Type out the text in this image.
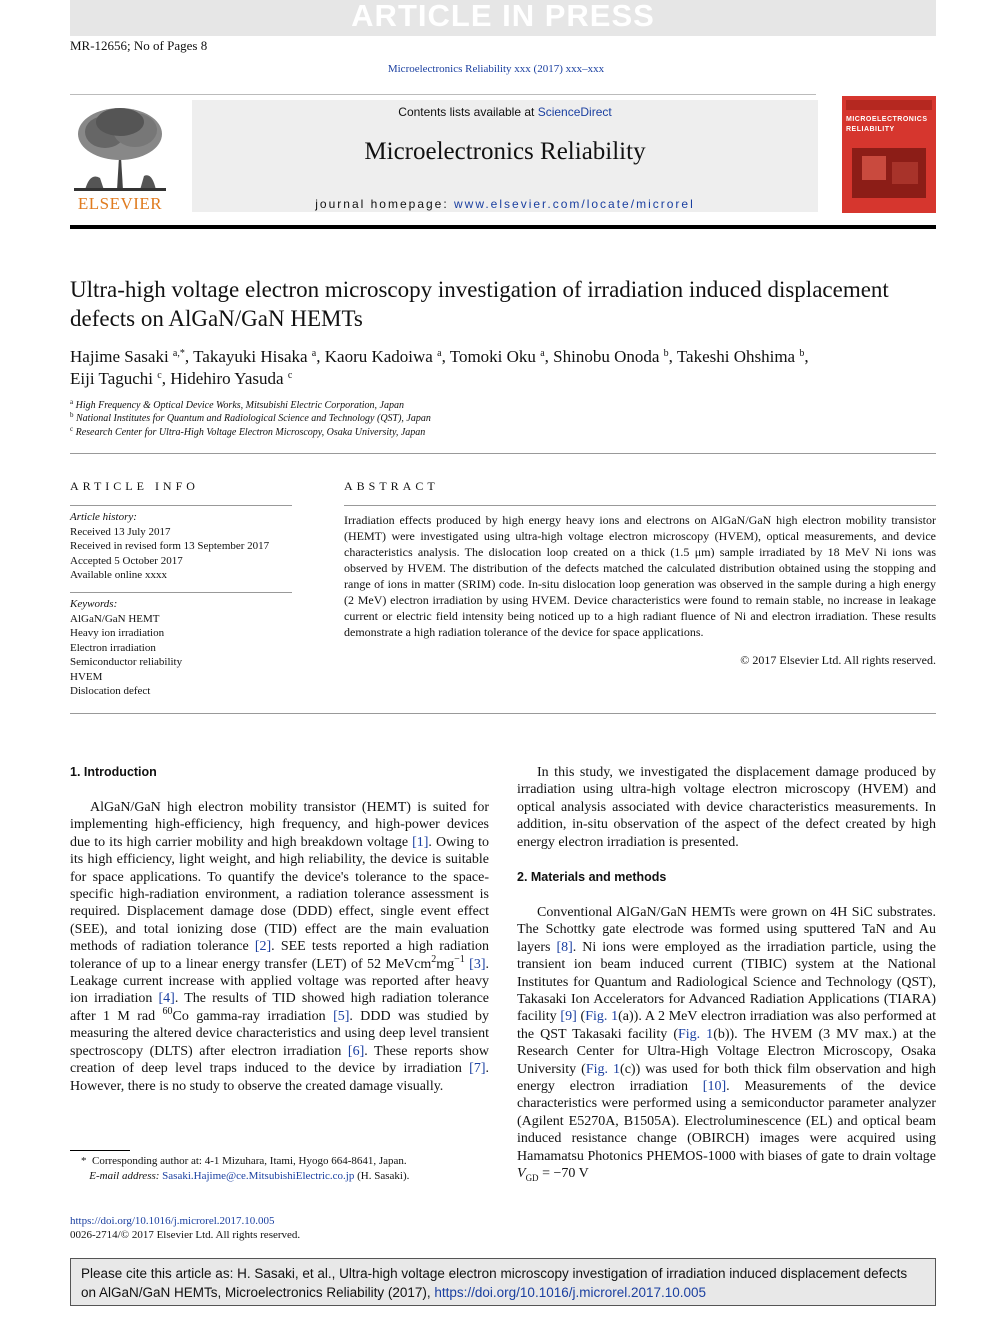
ARTICLE IN PRESS
MR-12656; No of Pages 8
Microelectronics Reliability xxx (2017) xxx–xxx
ELSEVIER
Contents lists available at ScienceDirect
Microelectronics Reliability
journal homepage: www.elsevier.com/locate/microrel
MICROELECTRONICS RELIABILITY
Ultra-high voltage electron microscopy investigation of irradiation induced displacement defects on AlGaN/GaN HEMTs
Hajime Sasaki $^{a,*}$, Takayuki Hisaka $^a$, Kaoru Kadoiwa $^a$, Tomoki Oku $^a$, Shinobu Onoda $^b$, Takeshi Ohshima $^b$,
Eiji Taguchi $^c$, Hidehiro Yasuda $^c$
$^a$ High Frequency & Optical Device Works, Mitsubishi Electric Corporation, Japan
$^b$ National Institutes for Quantum and Radiological Science and Technology (QST), Japan
$^c$ Research Center for Ultra-High Voltage Electron Microscopy, Osaka University, Japan
ARTICLE INFO
Article history:
Received 13 July 2017
Received in revised form 13 September 2017
Accepted 5 October 2017
Available online xxxx
Keywords:
AlGaN/GaN HEMT
Heavy ion irradiation
Electron irradiation
Semiconductor reliability
HVEM
Dislocation defect
ABSTRACT
Irradiation effects produced by high energy heavy ions and electrons on AlGaN/GaN high electron mobility transistor (HEMT) were investigated using ultra-high voltage electron microscopy (HVEM), optical measurements, and device characteristics analysis. The dislocation loop created on a thick (1.5 μm) sample irradiated by 18 MeV Ni ions was observed by HVEM. The distribution of the defects matched the calculated distribution obtained using the stopping and range of ions in matter (SRIM) code. In-situ dislocation loop generation was observed in the sample during a high energy (2 MeV) electron irradiation by using HVEM. Device characteristics were found to remain stable, no increase in leakage current or electric field intensity being noticed up to a high radiant fluence of Ni and electron irradiation. These results demonstrate a high radiation tolerance of the device for space applications.
© 2017 Elsevier Ltd. All rights reserved.
1. Introduction

AlGaN/GaN high electron mobility transistor (HEMT) is suited for implementing high-efficiency, high frequency, and high-power devices due to its high carrier mobility and high breakdown voltage [1]. Owing to its high efficiency, light weight, and high reliability, the device is suitable for space applications. To quantify the device's tolerance to the space-specific high-radiation environment, a radiation tolerance assessment is required. Displacement damage dose (DDD) effect, single event effect (SEE), and total ionizing dose (TID) effect are the main evaluation methods of radiation tolerance [2]. SEE tests reported a high radiation tolerance of up to a linear energy transfer (LET) of 52 $MeVcm^2mg^{-1}$ [3]. Leakage current increase with applied voltage was reported after heavy ion irradiation [4]. The results of TID showed high radiation tolerance after 1 M rad $^{60}$Co gamma-ray irradiation [5]. DDD was studied by measuring the altered device characteristics and using deep level transient spectroscopy (DLTS) after electron irradiation [6]. These reports show creation of deep level traps induced to the device by irradiation [7]. However, there is no study to observe the created damage visually.

In this study, we investigated the displacement damage produced by irradiation using ultra-high voltage electron microscopy (HVEM) and optical analysis associated with device characteristics measurements. In addition, in-situ observation of the aspect of the defect created by high energy electron irradiation is presented.

2. Materials and methods

Conventional AlGaN/GaN HEMTs were grown on 4H SiC substrates. The Schottky gate electrode was formed using sputtered TaN and Au layers [8]. Ni ions were employed as the irradiation particle, using the transient ion beam induced current (TIBIC) system at the National Institutes for Quantum and Radiological Science and Technology (QST), Takasaki Ion Accelerators for Advanced Radiation Applications (TIARA) facility [9] (Fig. 1(a)). A 2 MeV electron irradiation was also performed at the QST Takasaki facility (Fig. 1(b)). The HVEM (3 MV max.) at the Research Center for Ultra-High Voltage Electron Microscopy, Osaka University (Fig. 1(c)) was used for both thick film observation and high energy electron irradiation [10]. Measurements of the device characteristics were performed using a semiconductor parameter analyzer (Agilent E5270A, B1505A). Electroluminescence (EL) and optical beam induced resistance change (OBIRCH) images were acquired using Hamamatsu Photonics PHEMOS-1000 with biases of gate to drain voltage $V_{GD} = -70$ V

*  Corresponding author at: 4-1 Mizuhara, Itami, Hyogo 664-8641, Japan.
E-mail address: Sasaki.Hajime@ce.MitsubishiElectric.co.jp (H. Sasaki).
https://doi.org/10.1016/j.microrel.2017.10.005
0026-2714/© 2017 Elsevier Ltd. All rights reserved.
Please cite this article as: H. Sasaki, et al., Ultra-high voltage electron microscopy investigation of irradiation induced displacement defects on AlGaN/GaN HEMTs, Microelectronics Reliability (2017), https://doi.org/10.1016/j.microrel.2017.10.005
